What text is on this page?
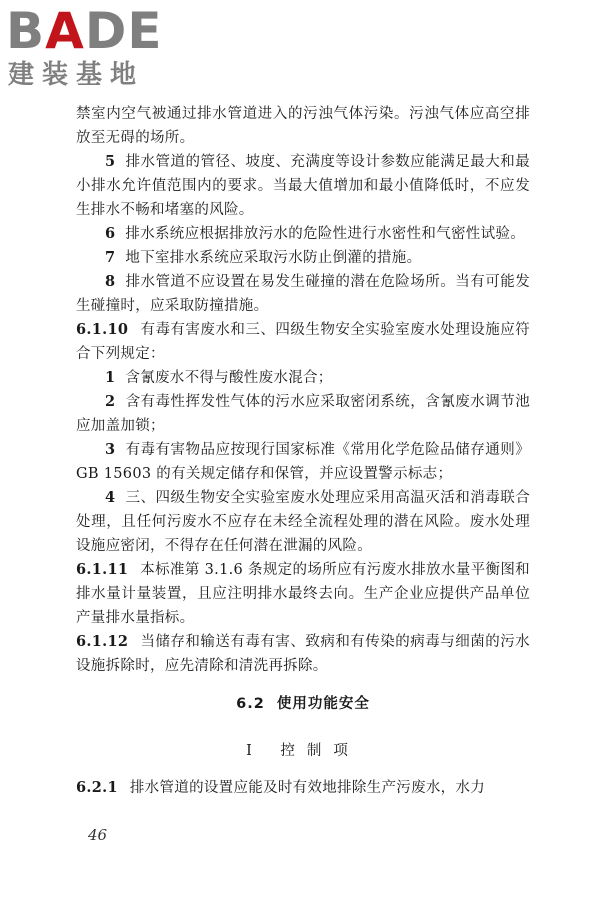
BADE
建装基地

禁室内空气被通过排水管道进入的污浊气体污染。污浊气体应高空排放至无碍的场所。

5 排水管道的管径、坡度、充满度等设计参数应能满足最大和最小排水允许值范围内的要求。当最大值增加和最小值降低时，不应发生排水不畅和堵塞的风险。

6 排水系统应根据排放污水的危险性进行水密性和气密性试验。

7 地下室排水系统应采取污水防止倒灌的措施。

8 排水管道不应设置在易发生碰撞的潜在危险场所。当有可能发生碰撞时，应采取防撞措施。

6.1.10 有毒有害废水和三、四级生物安全实验室废水处理设施应符合下列规定：

1 含氰废水不得与酸性废水混合；

2 含有毒性挥发性气体的污水应采取密闭系统，含氰废水调节池应加盖加锁；

3 有毒有害物品应按现行国家标准《常用化学危险品储存通则》GB 15603 的有关规定储存和保管，并应设置警示标志；

4 三、四级生物安全实验室废水处理应采用高温灭活和消毒联合处理，且任何污废水不应存在未经全流程处理的潜在风险。废水处理设施应密闭，不得存在任何潜在泄漏的风险。

6.1.11 本标准第 3.1.6 条规定的场所应有污废水排放水量平衡图和排水量计量装置，且应注明排水最终去向。生产企业应提供产品单位产量排水量指标。

6.1.12 当储存和输送有毒有害、致病和有传染的病毒与细菌的污水设施拆除时，应先清除和清洗再拆除。

6.2 使用功能安全
Ⅰ 控制项

6.2.1 排水管道的设置应能及时有效地排除生产污废水，水力

46
